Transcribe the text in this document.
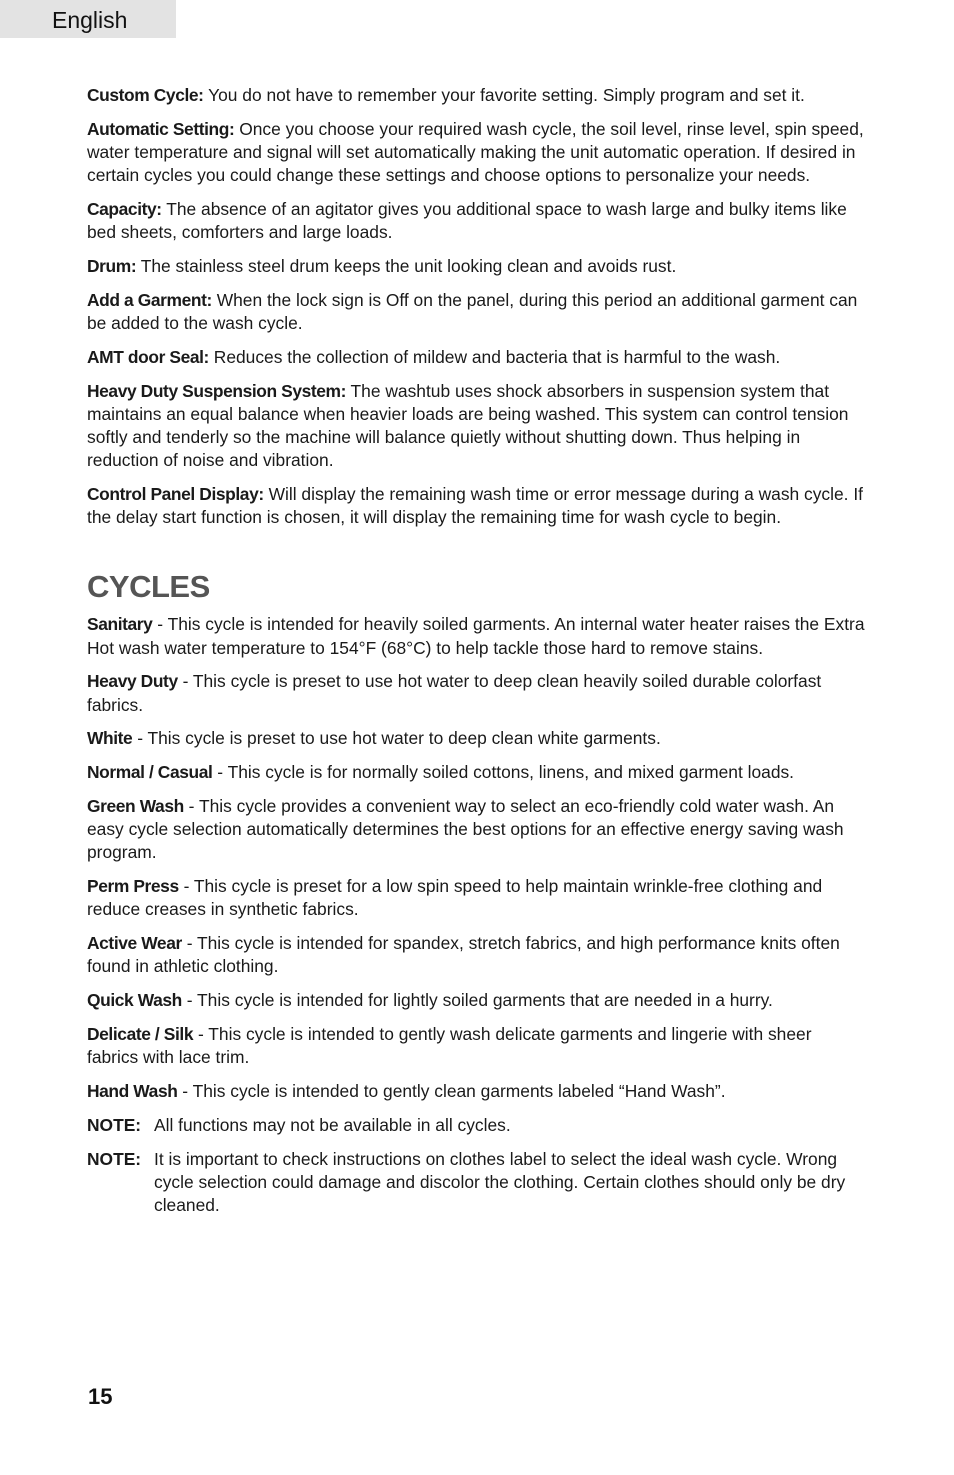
English

Custom Cycle: You do not have to remember your favorite setting. Simply program and set it.

Automatic Setting: Once you choose your required wash cycle, the soil level, rinse level, spin speed, water temperature and signal will set automatically making the unit automatic operation. If desired in certain cycles you could change these settings and choose options to personalize your needs.

Capacity: The absence of an agitator gives you additional space to wash large and bulky items like bed sheets, comforters and large loads.

Drum: The stainless steel drum keeps the unit looking clean and avoids rust.

Add a Garment: When the lock sign is Off on the panel, during this period an additional garment can be added to the wash cycle.

AMT door Seal: Reduces the collection of mildew and bacteria that is harmful to the wash.

Heavy Duty Suspension System: The washtub uses shock absorbers in suspension system that maintains an equal balance when heavier loads are being washed. This system can control tension softly and tenderly so the machine will balance quietly without shutting down. Thus helping in reduction of noise and vibration.

Control Panel Display: Will display the remaining wash time or error message during a wash cycle. If the delay start function is chosen, it will display the remaining time for wash cycle to begin.

CYCLES

Sanitary - This cycle is intended for heavily soiled garments. An internal water heater raises the Extra Hot wash water temperature to 154°F (68°C) to help tackle those hard to remove stains.

Heavy Duty - This cycle is preset to use hot water to deep clean heavily soiled durable colorfast fabrics.

White - This cycle is preset to use hot water to deep clean white garments.

Normal / Casual - This cycle is for normally soiled cottons, linens, and mixed garment loads.

Green Wash - This cycle provides a convenient way to select an eco-friendly cold water wash. An easy cycle selection automatically determines the best options for an effective energy saving wash program.

Perm Press - This cycle is preset for a low spin speed to help maintain wrinkle-free clothing and reduce creases in synthetic fabrics.

Active Wear - This cycle is intended for spandex, stretch fabrics, and high performance knits often found in athletic clothing.

Quick Wash - This cycle is intended for lightly soiled garments that are needed in a hurry.

Delicate / Silk - This cycle is intended to gently wash delicate garments and lingerie with sheer fabrics with lace trim.

Hand Wash - This cycle is intended to gently clean garments labeled “Hand Wash”.

NOTE: All functions may not be available in all cycles.
NOTE: It is important to check instructions on clothes label to select the ideal wash cycle. Wrong cycle selection could damage and discolor the clothing. Certain clothes should only be dry cleaned.
15
